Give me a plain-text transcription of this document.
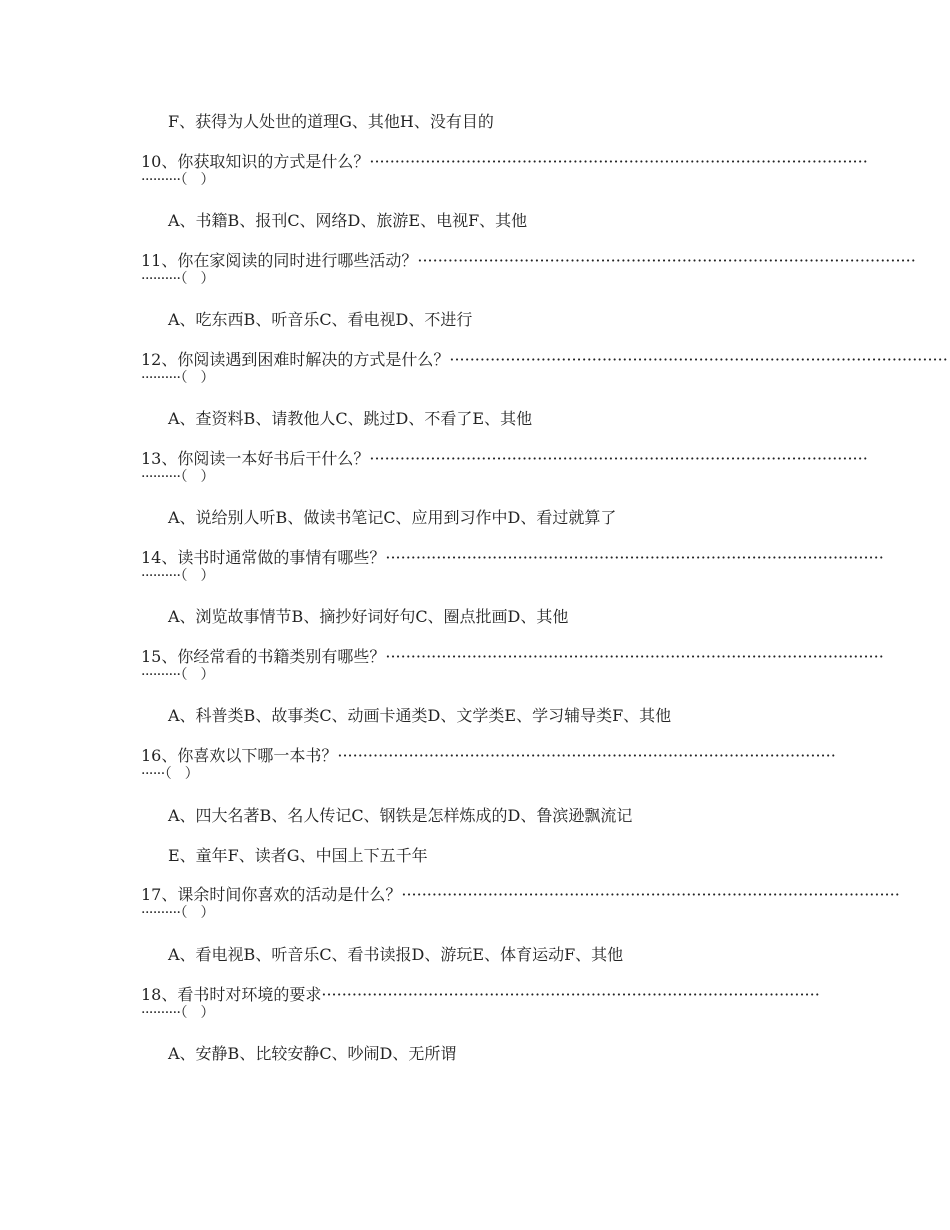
F、获得为人处世的道理G、其他H、没有目的
10、你获取知识的方式是什么？··································································································
··········（　）
A、书籍B、报刊C、网络D、旅游E、电视F、其他
11、你在家阅读的同时进行哪些活动？··································································································
··········（　）
A、吃东西B、听音乐C、看电视D、不进行
12、你阅读遇到困难时解决的方式是什么？··································································································
··········（　）
A、查资料B、请教他人C、跳过D、不看了E、其他
13、你阅读一本好书后干什么？··································································································
··········（　）
A、说给别人听B、做读书笔记C、应用到习作中D、看过就算了
14、读书时通常做的事情有哪些？··································································································
··········（　）
A、浏览故事情节B、摘抄好词好句C、圈点批画D、其他
15、你经常看的书籍类别有哪些？··································································································
··········（　）
A、科普类B、故事类C、动画卡通类D、文学类E、学习辅导类F、其他
16、你喜欢以下哪一本书？··································································································
······（　）
A、四大名著B、名人传记C、钢铁是怎样炼成的D、鲁滨逊飘流记
E、童年F、读者G、中国上下五千年
17、课余时间你喜欢的活动是什么？··································································································
··········（　）
A、看电视B、听音乐C、看书读报D、游玩E、体育运动F、其他
18、看书时对环境的要求··································································································
··········（　）
A、安静B、比较安静C、吵闹D、无所谓
